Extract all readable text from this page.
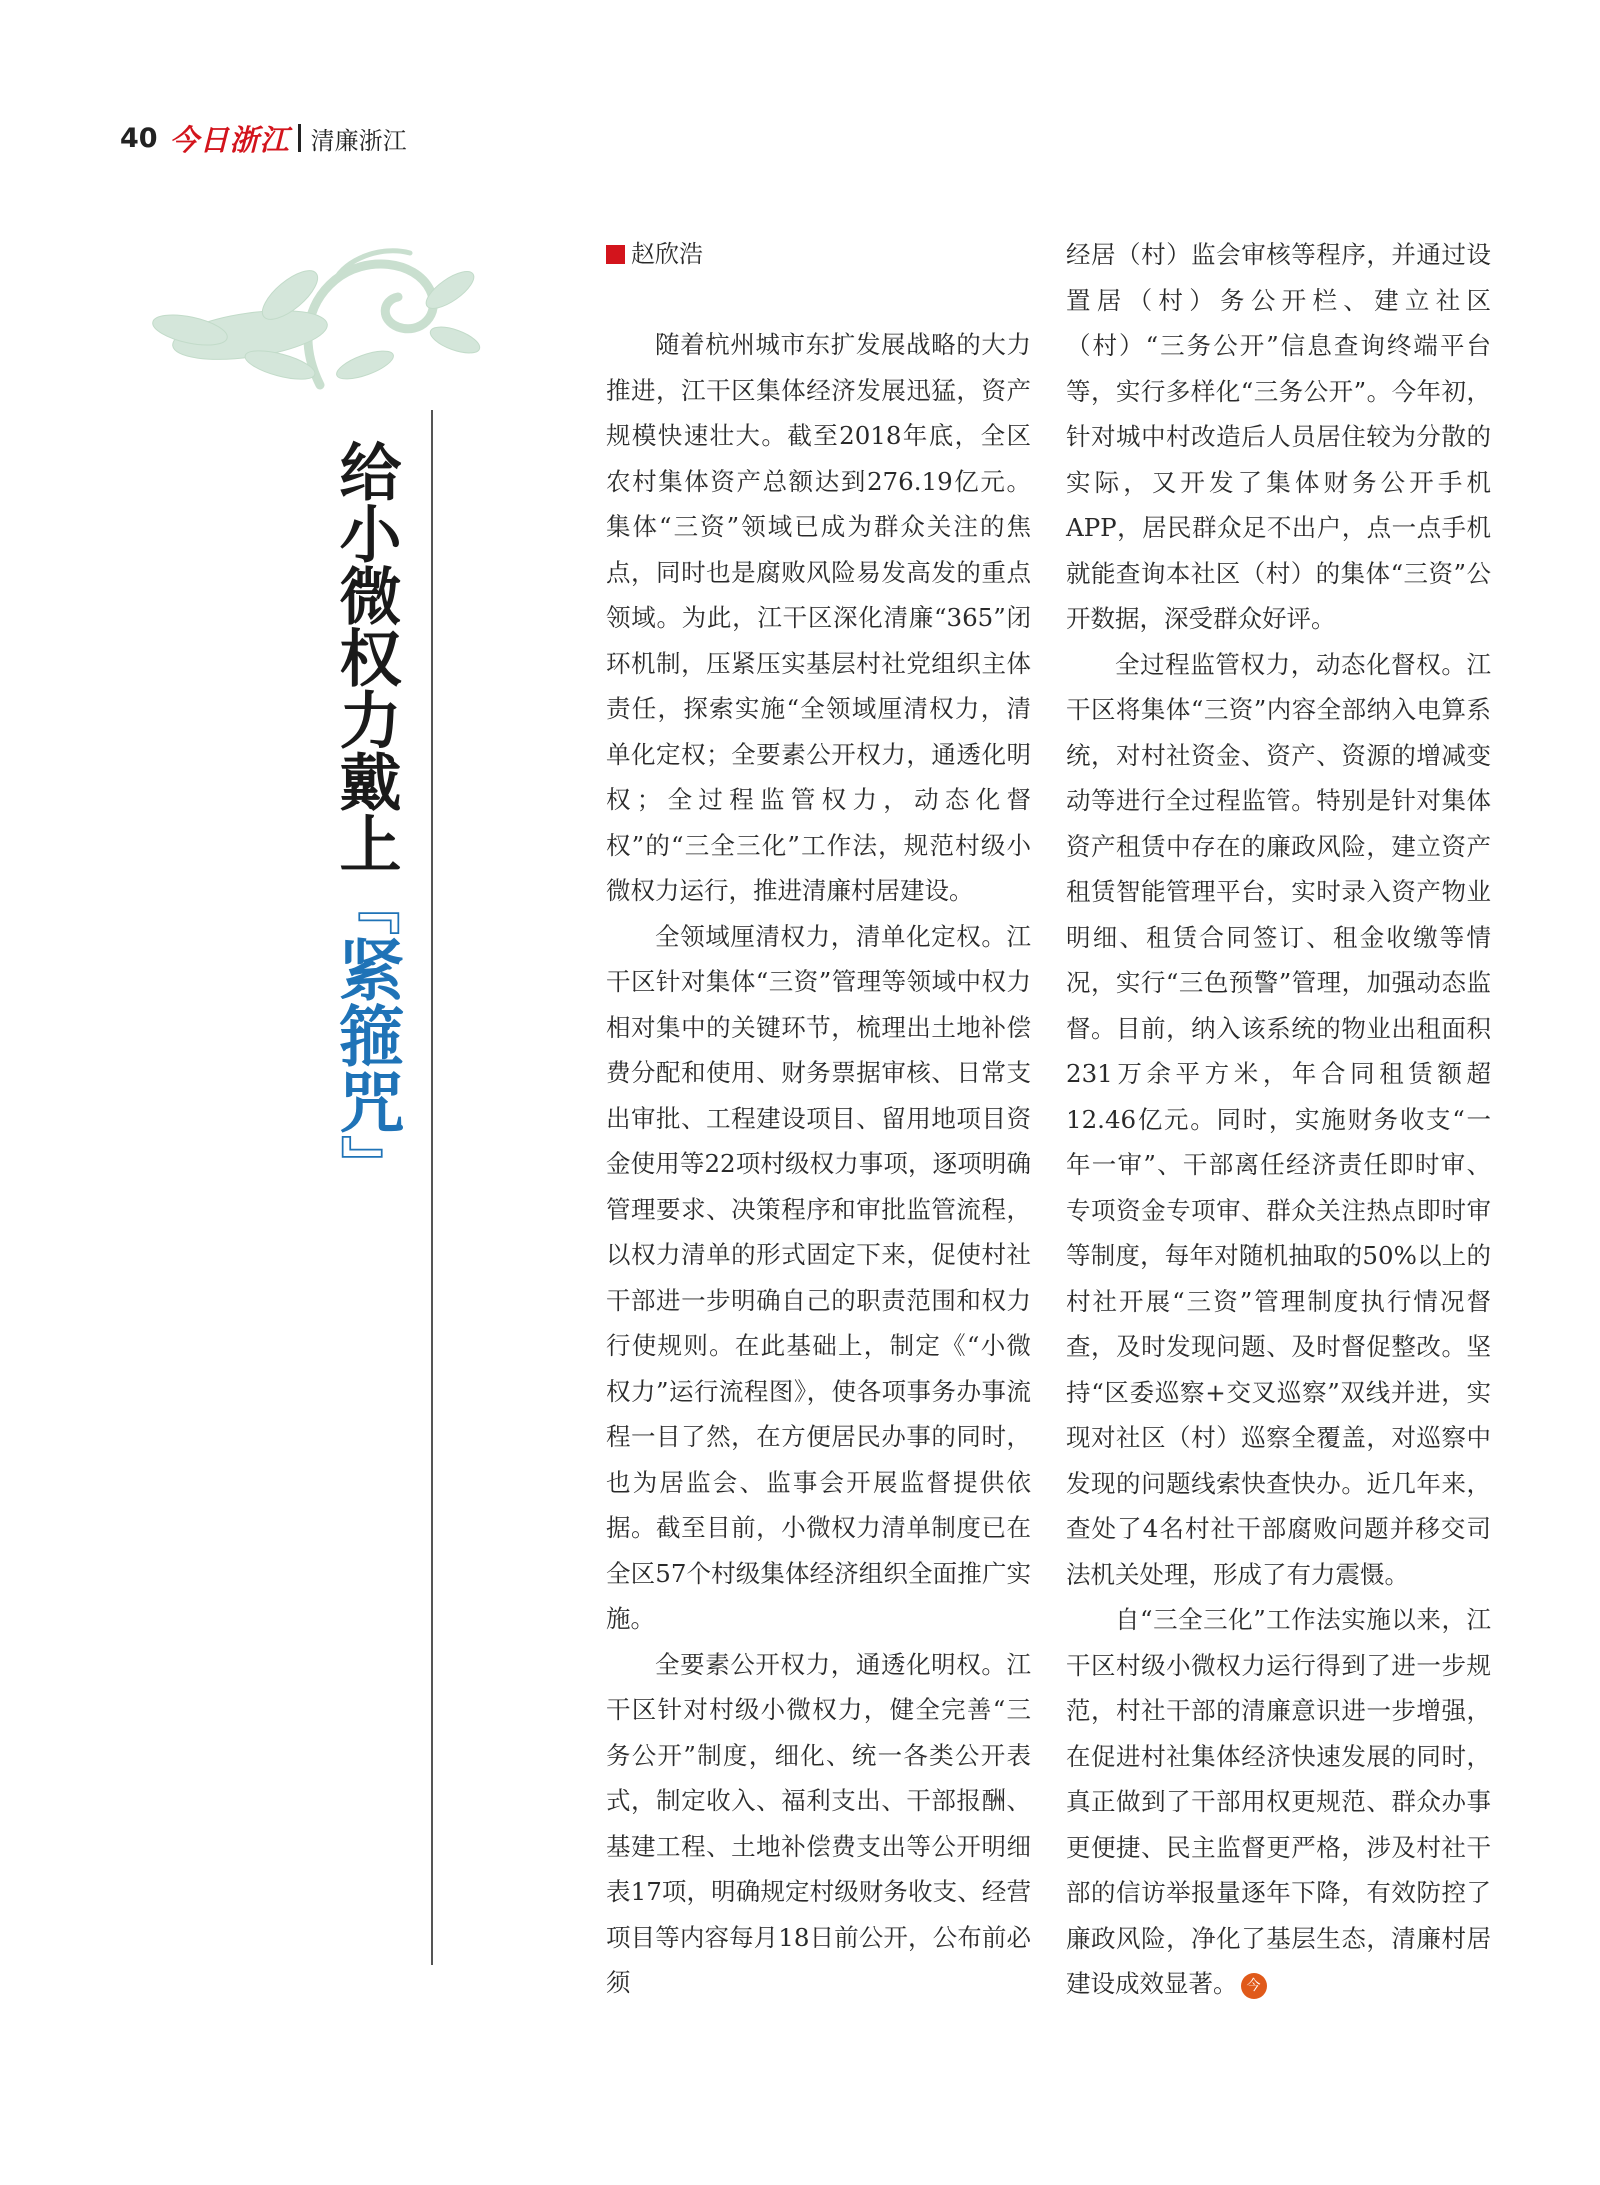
40 今日浙江 清廉浙江
给小微权力戴上
『
紧箍咒
』
赵欣浩

随着杭州城市东扩发展战略的大力推进，江干区集体经济发展迅猛，资产规模快速壮大。截至2018年底，全区农村集体资产总额达到276.19亿元。集体“三资”领域已成为群众关注的焦点，同时也是腐败风险易发高发的重点领域。为此，江干区深化清廉“365”闭环机制，压紧压实基层村社党组织主体责任，探索实施“全领域厘清权力，清单化定权；全要素公开权力，通透化明权；全过程监管权力，动态化督权”的“三全三化”工作法，规范村级小微权力运行，推进清廉村居建设。

全领域厘清权力，清单化定权。江干区针对集体“三资”管理等领域中权力相对集中的关键环节，梳理出土地补偿费分配和使用、财务票据审核、日常支出审批、工程建设项目、留用地项目资金使用等22项村级权力事项，逐项明确管理要求、决策程序和审批监管流程，以权力清单的形式固定下来，促使村社干部进一步明确自己的职责范围和权力行使规则。在此基础上，制定《“小微权力”运行流程图》，使各项事务办事流程一目了然，在方便居民办事的同时，也为居监会、监事会开展监督提供依据。截至目前，小微权力清单制度已在全区57个村级集体经济组织全面推广实施。

全要素公开权力，通透化明权。江干区针对村级小微权力，健全完善“三务公开”制度，细化、统一各类公开表式，制定收入、福利支出、干部报酬、基建工程、土地补偿费支出等公开明细表17项，明确规定村级财务收支、经营项目等内容每月18日前公开，公布前必须

经居（村）监会审核等程序，并通过设置居（村）务公开栏、建立社区（村）“三务公开”信息查询终端平台等，实行多样化“三务公开”。今年初，针对城中村改造后人员居住较为分散的实际，又开发了集体财务公开手机APP，居民群众足不出户，点一点手机就能查询本社区（村）的集体“三资”公开数据，深受群众好评。

全过程监管权力，动态化督权。江干区将集体“三资”内容全部纳入电算系统，对村社资金、资产、资源的增减变动等进行全过程监管。特别是针对集体资产租赁中存在的廉政风险，建立资产租赁智能管理平台，实时录入资产物业明细、租赁合同签订、租金收缴等情况，实行“三色预警”管理，加强动态监督。目前，纳入该系统的物业出租面积231万余平方米，年合同租赁额超12.46亿元。同时，实施财务收支“一年一审”、干部离任经济责任即时审、专项资金专项审、群众关注热点即时审等制度，每年对随机抽取的50%以上的村社开展“三资”管理制度执行情况督查，及时发现问题、及时督促整改。坚持“区委巡察+交叉巡察”双线并进，实现对社区（村）巡察全覆盖，对巡察中发现的问题线索快查快办。近几年来，查处了4名村社干部腐败问题并移交司法机关处理，形成了有力震慑。

自“三全三化”工作法实施以来，江干区村级小微权力运行得到了进一步规范，村社干部的清廉意识进一步增强，在促进村社集体经济快速发展的同时，真正做到了干部用权更规范、群众办事更便捷、民主监督更严格，涉及村社干部的信访举报量逐年下降，有效防控了廉政风险，净化了基层生态，清廉村居建设成效显著。 今
